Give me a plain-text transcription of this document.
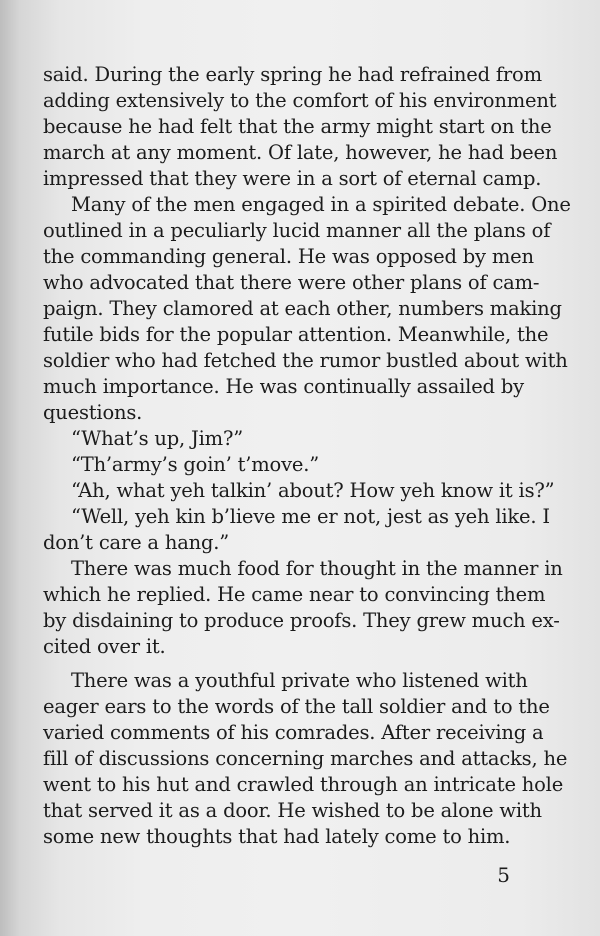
said. During the early spring he had refrained from
adding extensively to the comfort of his environment
because he had felt that the army might start on the
march at any moment. Of late, however, he had been
impressed that they were in a sort of eternal camp.
Many of the men engaged in a spirited debate. One
outlined in a peculiarly lucid manner all the plans of
the commanding general. He was opposed by men
who advocated that there were other plans of cam-
paign. They clamored at each other, numbers making
futile bids for the popular attention. Meanwhile, the
soldier who had fetched the rumor bustled about with
much importance. He was continually assailed by
questions.
“What’s up, Jim?”
“Th’army’s goin’ t’move.”
“Ah, what yeh talkin’ about? How yeh know it is?”
“Well, yeh kin b’lieve me er not, jest as yeh like. I
don’t care a hang.”
There was much food for thought in the manner in
which he replied. He came near to convincing them
by disdaining to produce proofs. They grew much ex-
cited over it.
There was a youthful private who listened with
eager ears to the words of the tall soldier and to the
varied comments of his comrades. After receiving a
fill of discussions concerning marches and attacks, he
went to his hut and crawled through an intricate hole
that served it as a door. He wished to be alone with
some new thoughts that had lately come to him.
5
